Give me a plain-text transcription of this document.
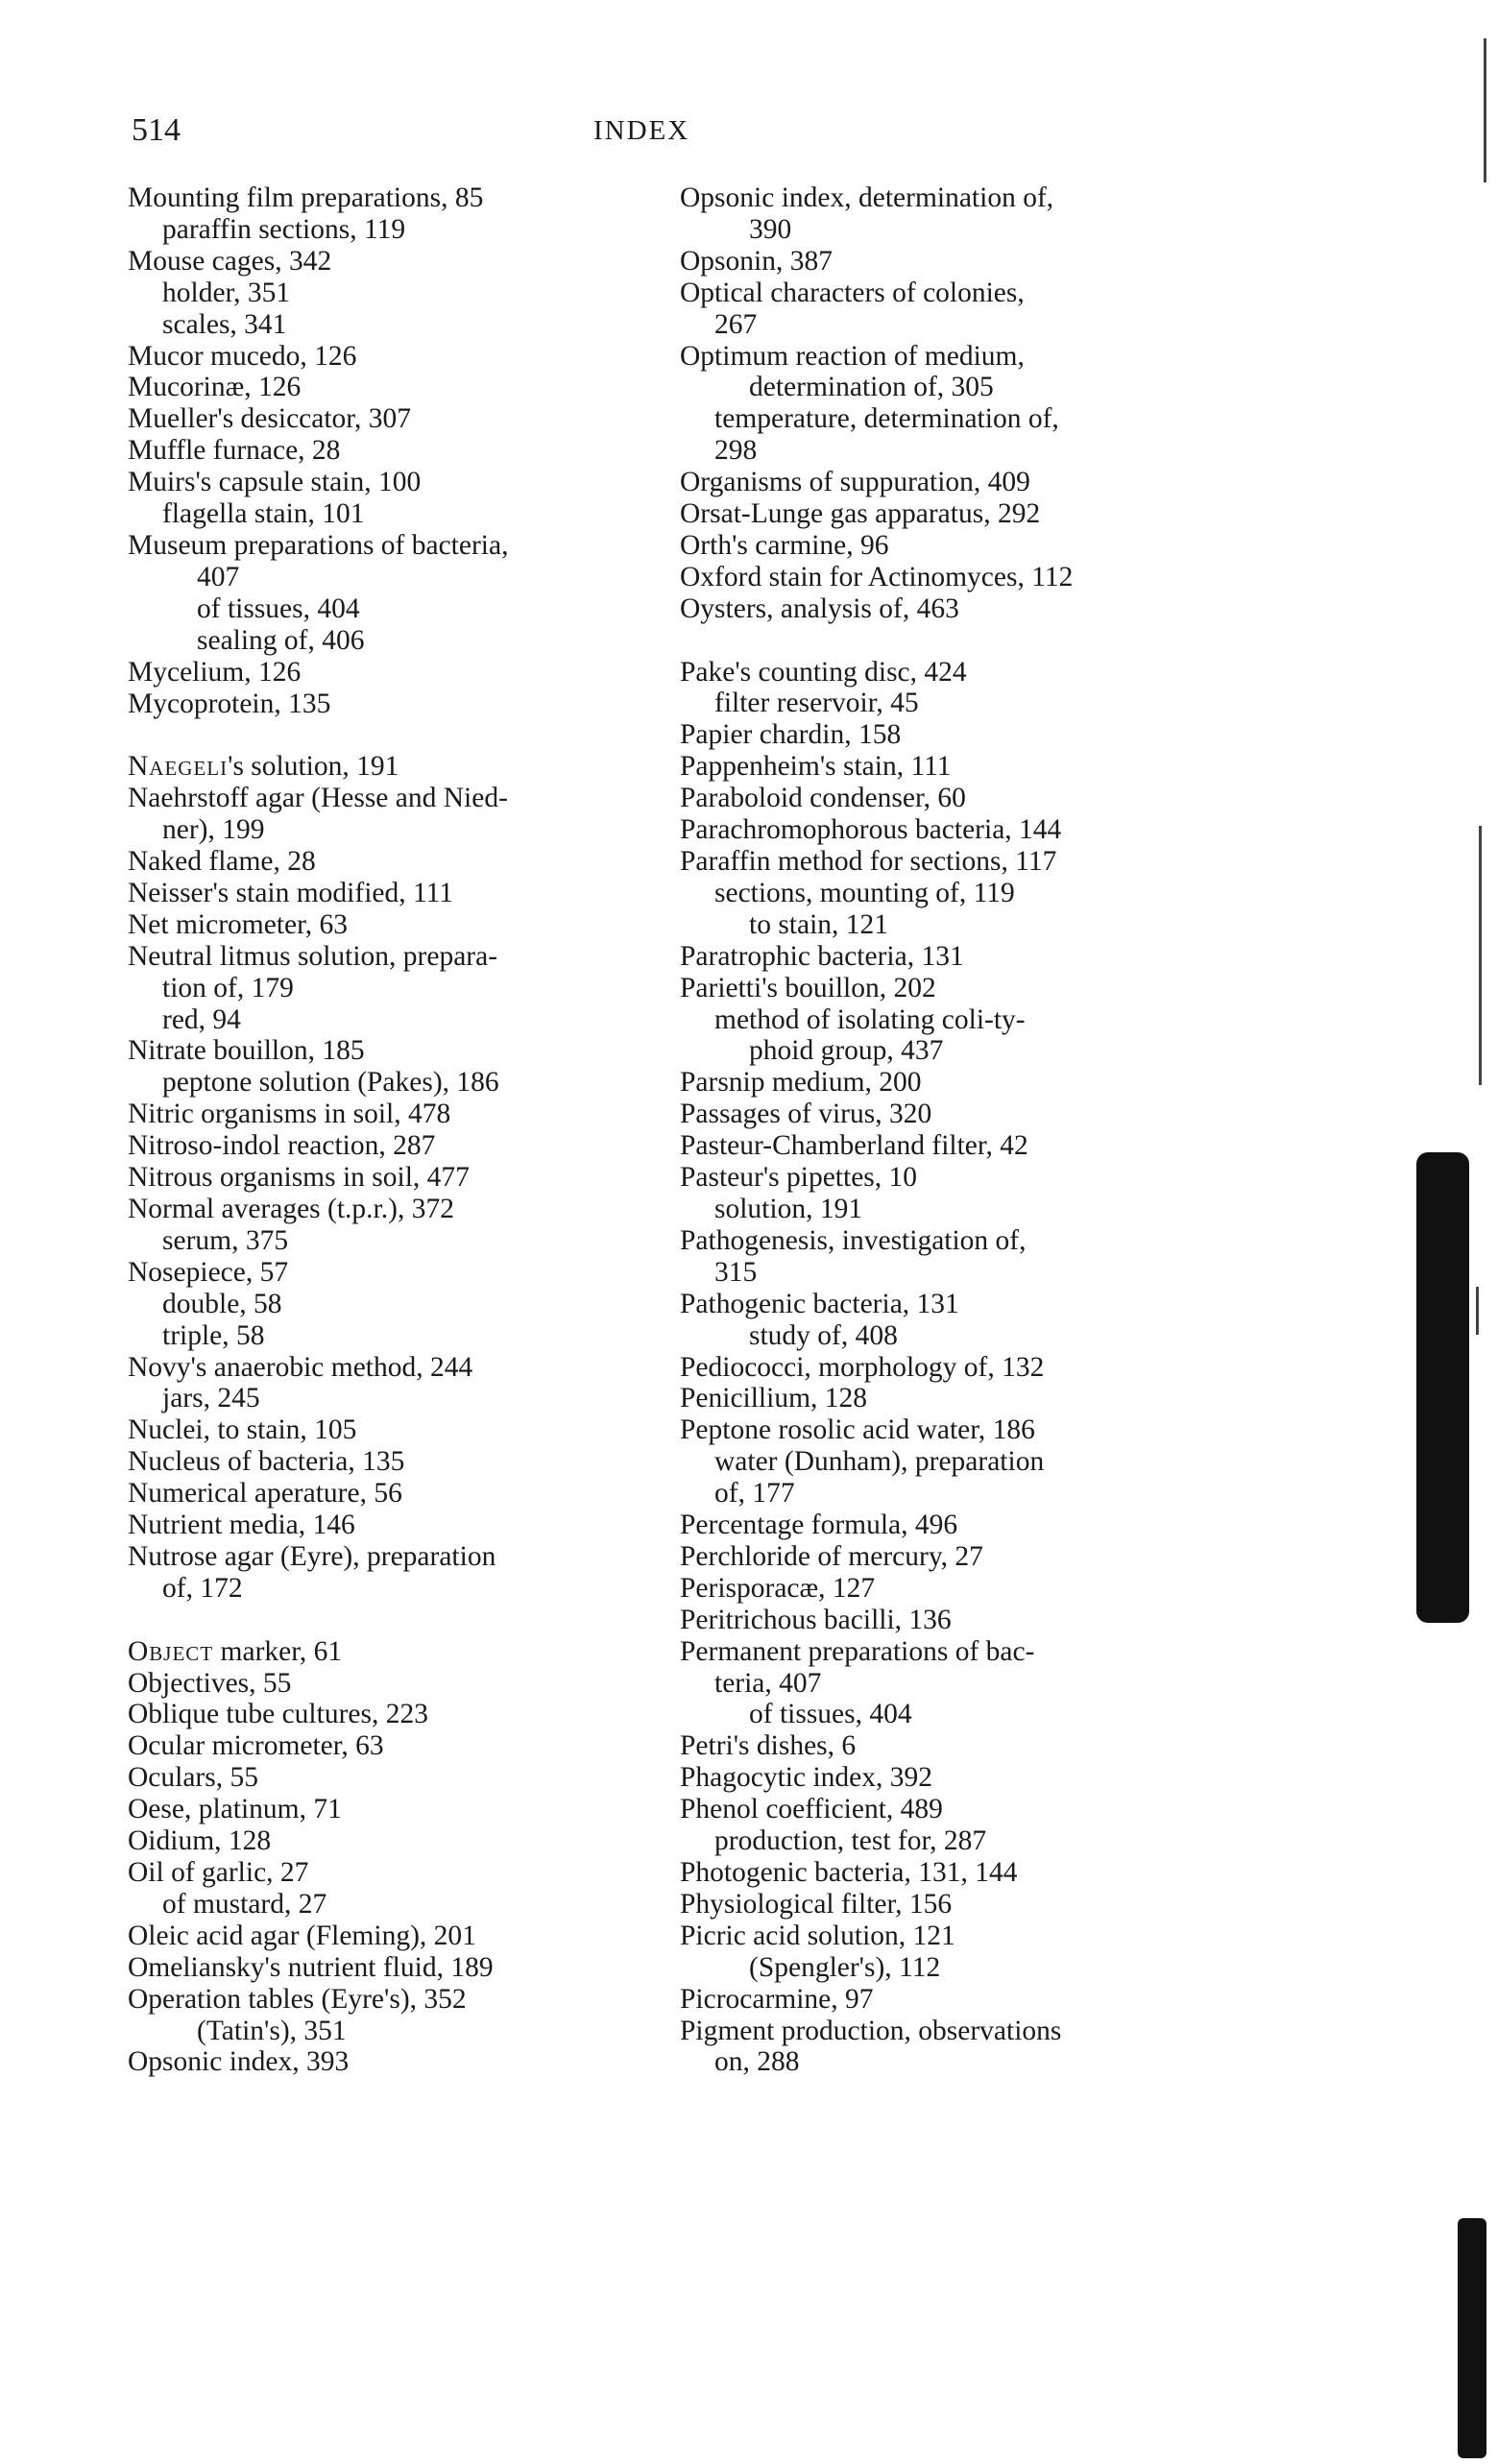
514	INDEX
Mounting film preparations, 85
paraffin sections, 119
Mouse cages, 342
holder, 351
scales, 341
Mucor mucedo, 126
Mucorinæ, 126
Mueller's desiccator, 307
Muffle furnace, 28
Muirs's capsule stain, 100
flagella stain, 101
Museum preparations of bacteria,
407
of tissues, 404
sealing of, 406
Mycelium, 126
Mycoprotein, 135
Naegeli's solution, 191
Naehrstoff agar (Hesse and Nied-
ner), 199
Naked flame, 28
Neisser's stain modified, 111
Net micrometer, 63
Neutral litmus solution, prepara-
tion of, 179
red, 94
Nitrate bouillon, 185
peptone solution (Pakes), 186
Nitric organisms in soil, 478
Nitroso-indol reaction, 287
Nitrous organisms in soil, 477
Normal averages (t.p.r.), 372
serum, 375
Nosepiece, 57
double, 58
triple, 58
Novy's anaerobic method, 244
jars, 245
Nuclei, to stain, 105
Nucleus of bacteria, 135
Numerical aperature, 56
Nutrient media, 146
Nutrose agar (Eyre), preparation
of, 172
Object marker, 61
Objectives, 55
Oblique tube cultures, 223
Ocular micrometer, 63
Oculars, 55
Oese, platinum, 71
Oidium, 128
Oil of garlic, 27
of mustard, 27
Oleic acid agar (Fleming), 201
Omeliansky's nutrient fluid, 189
Operation tables (Eyre's), 352
(Tatin's), 351
Opsonic index, 393
Opsonic index, determination of,
390
Opsonin, 387
Optical characters of colonies,
267
Optimum reaction of medium,
determination of, 305
temperature, determination of,
298
Organisms of suppuration, 409
Orsat-Lunge gas apparatus, 292
Orth's carmine, 96
Oxford stain for Actinomyces, 112
Oysters, analysis of, 463
Pake's counting disc, 424
filter reservoir, 45
Papier chardin, 158
Pappenheim's stain, 111
Paraboloid condenser, 60
Parachromophorous bacteria, 144
Paraffin method for sections, 117
sections, mounting of, 119
to stain, 121
Paratrophic bacteria, 131
Parietti's bouillon, 202
method of isolating coli-ty-
phoid group, 437
Parsnip medium, 200
Passages of virus, 320
Pasteur-Chamberland filter, 42
Pasteur's pipettes, 10
solution, 191
Pathogenesis, investigation of,
315
Pathogenic bacteria, 131
study of, 408
Pediococci, morphology of, 132
Penicillium, 128
Peptone rosolic acid water, 186
water (Dunham), preparation
of, 177
Percentage formula, 496
Perchloride of mercury, 27
Perisporacæ, 127
Peritrichous bacilli, 136
Permanent preparations of bac-
teria, 407
of tissues, 404
Petri's dishes, 6
Phagocytic index, 392
Phenol coefficient, 489
production, test for, 287
Photogenic bacteria, 131, 144
Physiological filter, 156
Picric acid solution, 121
(Spengler's), 112
Picrocarmine, 97
Pigment production, observations
on, 288
